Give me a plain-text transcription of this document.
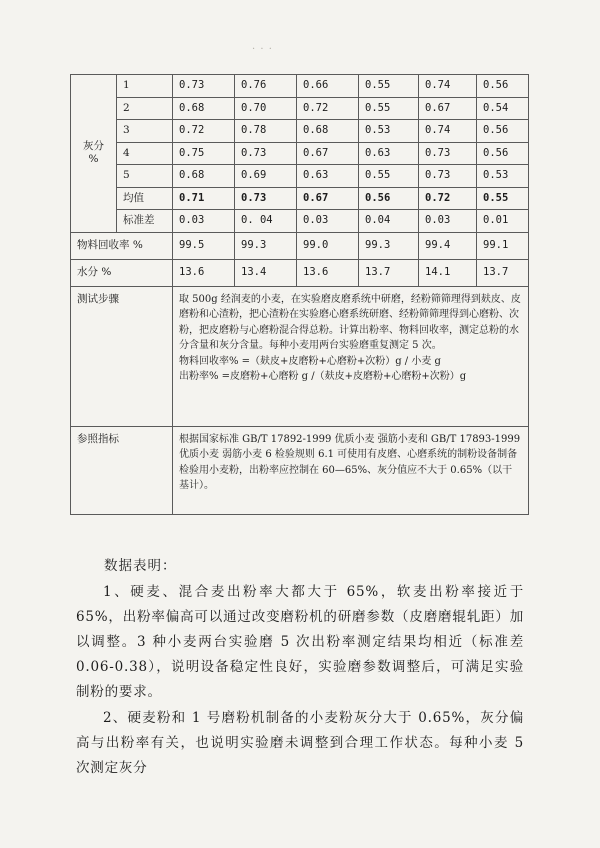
· · ·
灰分
%	1	0.73	0.76	0.66	0.55	0.74	0.56
	2	0.68	0.70	0.72	0.55	0.67	0.54
	3	0.72	0.78	0.68	0.53	0.74	0.56
	4	0.75	0.73	0.67	0.63	0.73	0.56
	5	0.68	0.69	0.63	0.55	0.73	0.53
	均值	0.71	0.73	0.67	0.56	0.72	0.55
	标准差	0.03	0. 04	0.03	0.04	0.03	0.01
物料回收率 %		99.5	99.3	99.0	99.3	99.4	99.1
水分 %		13.6	13.4	13.6	13.7	14.1	13.7
测试步骤		取 500g 经润麦的小麦，在实验磨皮磨系统中研磨，经粉筛筛理得到麸皮、皮磨粉和心渣粉，把心渣粉在实验磨心磨系统研磨、经粉筛筛理得到心磨粉、次粉，把皮磨粉与心磨粉混合得总粉。计算出粉率、物料回收率，测定总粉的水分含量和灰分含量。每种小麦用两台实验磨重复测定 5 次。
物料回收率% =（麸皮+皮磨粉+心磨粉+次粉）g / 小麦 g
出粉率% =皮磨粉+心磨粉 g /（麸皮+皮磨粉+心磨粉+次粉）g					

参照指标		根据国家标准 GB/T 17892-1999 优质小麦 强筋小麦和 GB/T 17893-1999 优质小麦 弱筋小麦 6 检验规则 6.1 可使用有皮磨、心磨系统的制粉设备制备检验用小麦粉，出粉率应控制在 60—65%、灰分值应不大于 0.65%（以干基计）。					
数据表明：

1、硬麦、混合麦出粉率大都大于 65%，软麦出粉率接近于 65%，出粉率偏高可以通过改变磨粉机的研磨参数（皮磨磨辊轧距）加以调整。3 种小麦两台实验磨 5 次出粉率测定结果均相近（标准差 0.06-0.38），说明设备稳定性良好，实验磨参数调整后，可满足实验制粉的要求。

2、硬麦粉和 1 号磨粉机制备的小麦粉灰分大于 0.65%，灰分偏高与出粉率有关，也说明实验磨未调整到合理工作状态。每种小麦 5 次测定灰分
